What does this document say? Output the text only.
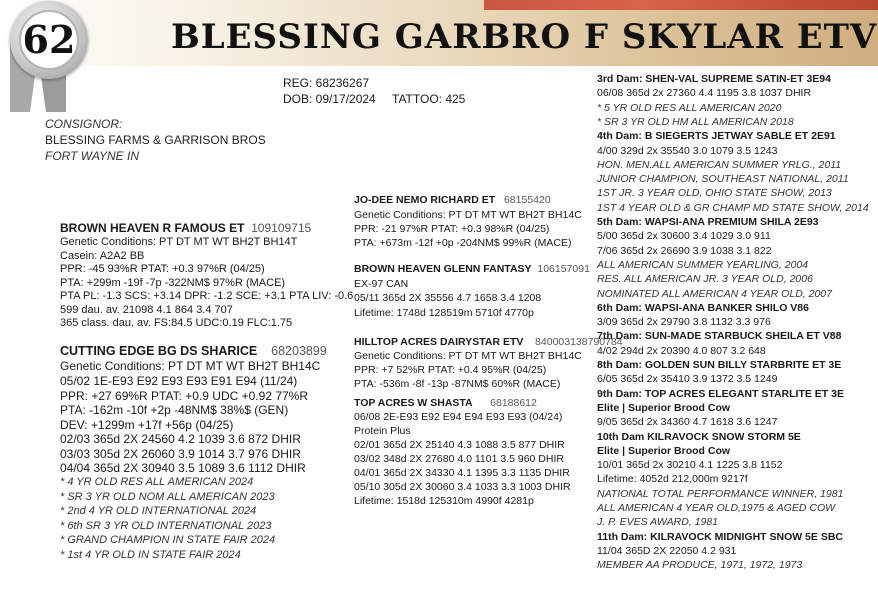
62	BLESSING GARBRO F SKYLAR ETV
REG: 68236267
DOB: 09/17/2024 TATTOO: 425
CONSIGNOR:
BLESSING FARMS & GARRISON BROS
FORT WAYNE IN
BROWN HEAVEN R FAMOUS ET 109109715
Genetic Conditions: PT DT MT WT BH2T BH14T
Casein: A2A2 BB
PPR: -45 93%R PTAT: +0.3 97%R (04/25)
PTA: +299m -19f -7p -322NM$ 97%R (MACE)
PTA PL: -1.3 SCS: +3.14 DPR: -1.2 SCE: +3.1 PTA LIV: -0.6
599 dau. av. 21098 4.1 864 3.4 707
365 class. dau. av. FS:84.5 UDC:0.19 FLC:1.75
CUTTING EDGE BG DS SHARICE 68203899
Genetic Conditions: PT DT MT WT BH2T BH14C
05/02 1E-E93 E92 E93 E93 E91 E94 (11/24)
PPR: +27 69%R PTAT: +0.9 UDC +0.92 77%R
PTA: -162m -10f +2p -48NM$ 38%$ (GEN)
DEV: +1299m +17f +56p (04/25)
02/03 365d 2X 24560 4.2 1039 3.6 872 DHIR
03/03 305d 2X 26060 3.9 1014 3.7 976 DHIR
04/04 365d 2X 30940 3.5 1089 3.6 1112 DHIR
* 4 YR OLD RES ALL AMERICAN 2024
* SR 3 YR OLD NOM ALL AMERICAN 2023
* 2nd 4 YR OLD INTERNATIONAL 2024
* 6th SR 3 YR OLD INTERNATIONAL 2023
* GRAND CHAMPION IN STATE FAIR 2024
* 1st 4 YR OLD IN STATE FAIR 2024
JO-DEE NEMO RICHARD ET 68155420
Genetic Conditions: PT DT MT WT BH2T BH14C
PPR: -21 97%R PTAT: +0.3 98%R (04/25)
PTA: +673m -12f +0p -204NM$ 99%R (MACE)
BROWN HEAVEN GLENN FANTASY 106157091
EX-97 CAN
05/11 365d 2X 35556 4.7 1658 3.4 1208
Lifetime: 1748d 128519m 5710f 4770p
HILLTOP ACRES DAIRYSTAR ETV 840003138790784
Genetic Conditions: PT DT MT WT BH2T BH14C
PPR: +7 52%R PTAT: +0.4 95%R (04/25)
PTA: -536m -8f -13p -87NM$ 60%R (MACE)
TOP ACRES W SHASTA 68188612
06/08 2E-E93 E92 E94 E94 E93 E93 (04/24)
Protein Plus
02/01 365d 2X 25140 4.3 1088 3.5 877 DHIR
03/02 348d 2X 27680 4.0 1101 3.5 960 DHIR
04/01 365d 2X 34330 4.1 1395 3.3 1135 DHIR
05/10 305d 2X 30060 3.4 1033 3.3 1003 DHIR
Lifetime: 1518d 125310m 4990f 4281p
3rd Dam: SHEN-VAL SUPREME SATIN-ET 3E94
06/08 365d 2x 27360 4.4 1195 3.8 1037 DHIR
* 5 YR OLD RES ALL AMERICAN 2020
* SR 3 YR OLD HM ALL AMERICAN 2018
4th Dam: B SIEGERTS JETWAY SABLE ET 2E91
4/00 329d 2x 35540 3.0 1079 3.5 1243
HON. MEN.ALL AMERICAN SUMMER YRLG., 2011
JUNIOR CHAMPION, SOUTHEAST NATIONAL, 2011
1ST JR. 3 YEAR OLD, OHIO STATE SHOW, 2013
1ST 4 YEAR OLD & GR CHAMP MD STATE SHOW, 2014
5th Dam: WAPSI-ANA PREMIUM SHILA 2E93
5/00 365d 2x 30600 3.4 1029 3.0 911
7/06 365d 2x 26690 3.9 1038 3.1 822
ALL AMERICAN SUMMER YEARLING, 2004
RES. ALL AMERICAN JR. 3 YEAR OLD, 2006
NOMINATED ALL AMERICAN 4 YEAR OLD, 2007
6th Dam: WAPSI-ANA BANKER SHILO V86
3/09 365d 2x 29790 3.8 1132 3.3 976
7th Dam: SUN-MADE STARBUCK SHEILA ET V88
4/02 294d 2x 20390 4.0 807 3.2 648
8th Dam: GOLDEN SUN BILLY STARBRITE ET 3E
6/05 365d 2x 35410 3.9 1372 3.5 1249
9th Dam: TOP ACRES ELEGANT STARLITE ET 3E
Elite | Superior Brood Cow
9/05 365d 2x 34360 4.7 1618 3.6 1247
10th Dam KILRAVOCK SNOW STORM 5E
Elite | Superior Brood Cow
10/01 365d 2x 30210 4.1 1225 3.8 1152
Lifetime: 4052d 212,000m 9217f
NATIONAL TOTAL PERFORMANCE WINNER, 1981
ALL AMERICAN 4 YEAR OLD,1975 & AGED COW
J. P. EVES AWARD, 1981
11th Dam: KILRAVOCK MIDNIGHT SNOW 5E SBC
11/04 365D 2X 22050 4.2 931
MEMBER AA PRODUCE, 1971, 1972, 1973
